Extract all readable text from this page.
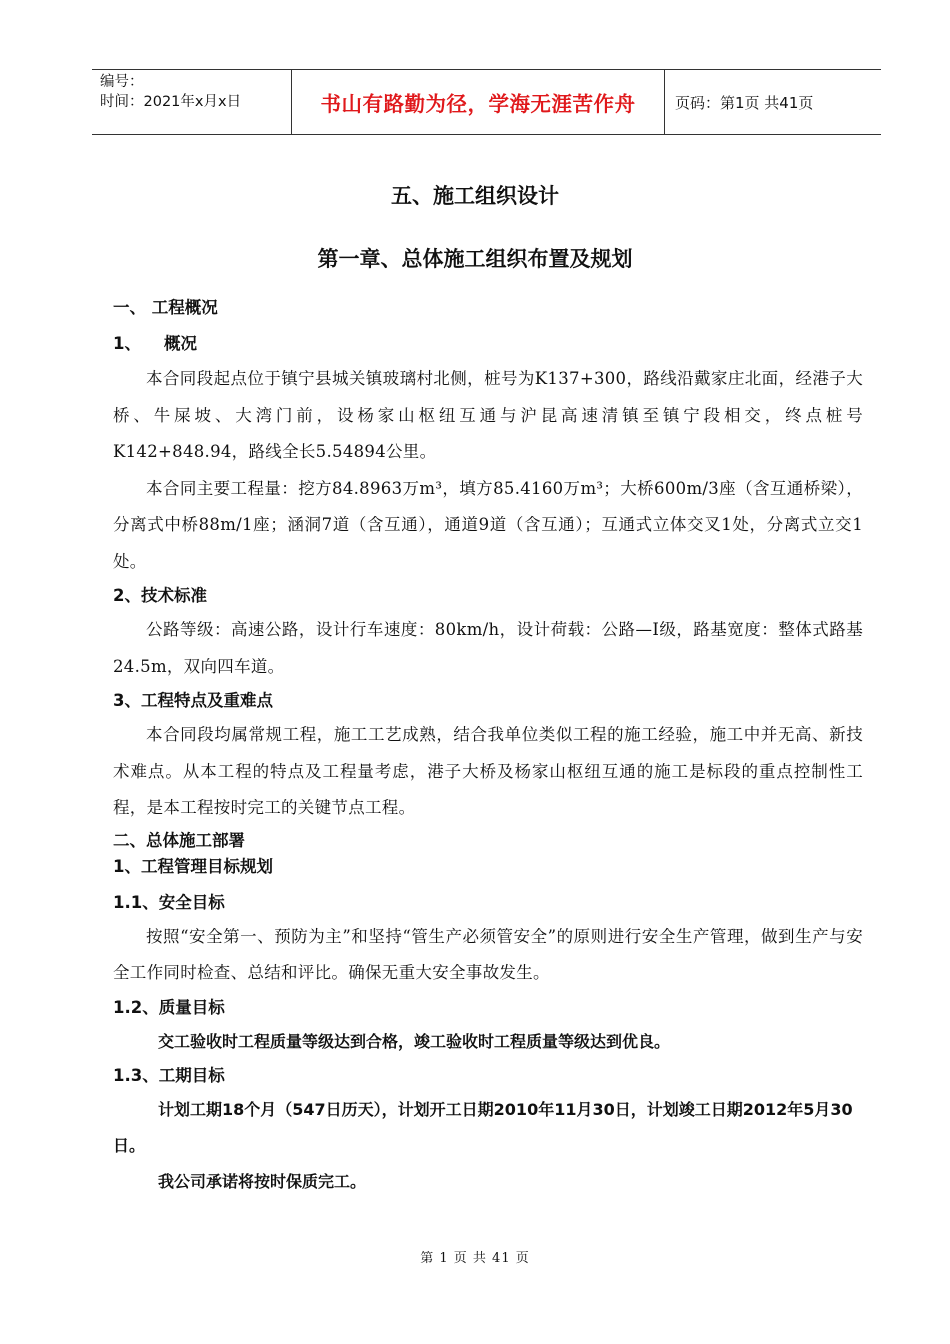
编号：
时间：2021年x月x日	书山有路勤为径，学海无涯苦作舟	页码：第1页 共41页
五、施工组织设计
第一章、总体施工组织布置及规划

一、 工程概况

1、    概况

本合同段起点位于镇宁县城关镇玻璃村北侧，桩号为K137+300，路线沿戴家庄北面，经港子大桥、牛屎坡、大湾门前，设杨家山枢纽互通与沪昆高速清镇至镇宁段相交，终点桩号K142+848.94，路线全长5.54894公里。

本合同主要工程量：挖方84.8963万m³，填方85.4160万m³；大桥600m/3座（含互通桥梁），分离式中桥88m/1座；涵洞7道（含互通），通道9道（含互通）；互通式立体交叉1处，分离式立交1处。

2、技术标准

公路等级：高速公路，设计行车速度：80km/h，设计荷载：公路—I级，路基宽度：整体式路基24.5m，双向四车道。

3、工程特点及重难点

本合同段均属常规工程，施工工艺成熟，结合我单位类似工程的施工经验，施工中并无高、新技术难点。从本工程的特点及工程量考虑，港子大桥及杨家山枢纽互通的施工是标段的重点控制性工程，是本工程按时完工的关键节点工程。

二、总体施工部署

1、工程管理目标规划

1.1、安全目标

按照“安全第一、预防为主”和坚持“管生产必须管安全”的原则进行安全生产管理，做到生产与安全工作同时检查、总结和评比。确保无重大安全事故发生。

1.2、质量目标

交工验收时工程质量等级达到合格，竣工验收时工程质量等级达到优良。

1.3、工期目标

计划工期18个月（547日历天），计划开工日期2010年11月30日，计划竣工日期2012年5月30日。

我公司承诺将按时保质完工。

第 1 页 共 41 页
